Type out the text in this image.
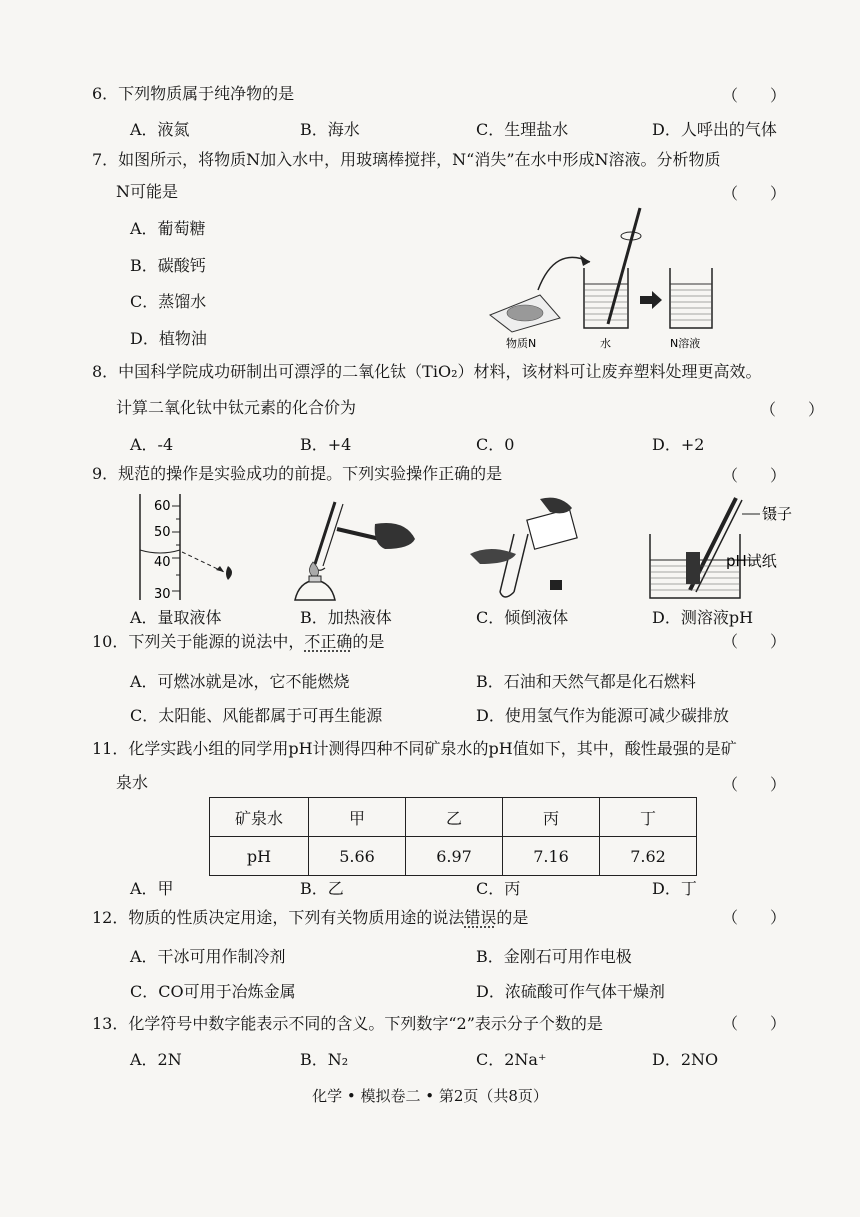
6．下列物质属于纯净物的是	（　　）
A．液氮	B．海水	C．生理盐水	D．人呼出的气体
7．如图所示，将物质N加入水中，用玻璃棒搅拌，N“消失”在水中形成N溶液。分析物质
N可能是	（　　）
A．葡萄糖
B．碳酸钙
C．蒸馏水
D．植物油	物质N	水	N溶液
8．中国科学院成功研制出可漂浮的二氧化钛（TiO₂）材料，该材料可让废弃塑料处理更高效。
计算二氧化钛中钛元素的化合价为	（　　）
A．-4	B．+4	C．0	D．+2
9．规范的操作是实验成功的前提。下列实验操作正确的是	（　　）
60
50
40
30
镊子
pH试纸
A．量取液体	B．加热液体	C．倾倒液体	D．测溶液pH
10．下列关于能源的说法中，不正确的是	（　　）
A．可燃冰就是冰，它不能燃烧	B．石油和天然气都是化石燃料
C．太阳能、风能都属于可再生能源	D．使用氢气作为能源可减少碳排放
11．化学实践小组的同学用pH计测得四种不同矿泉水的pH值如下，其中，酸性最强的是矿
泉水	（　　）
矿泉水	甲	乙	丙	丁
pH	5.66	6.97	7.16	7.62
A．甲	B．乙	C．丙	D．丁
12．物质的性质决定用途，下列有关物质用途的说法错误的是	（　　）
A．干冰可用作制冷剂	B．金刚石可用作电极
C．CO可用于冶炼金属	D．浓硫酸可作气体干燥剂
13．化学符号中数字能表示不同的含义。下列数字“2”表示分子个数的是	（　　）
A．2N	B．N₂	C．2Na⁺	D．2NO
化学 • 模拟卷二 • 第2页（共8页）
